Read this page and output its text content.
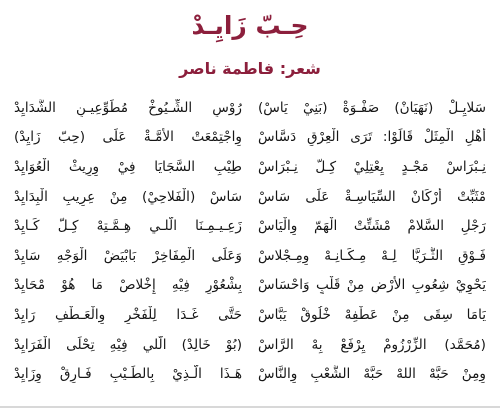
حِـبّ زَايِـدْ
شعر: فاطمة ناصر
سَلايِـلْ (نَهَيَانْ) صَفْـوَةْ (بَنِيْ يَاسْ)
رُوْسِ الشِّـيُوخْ مُطَوِّعِيـنِ الشَّدَايِدْ
أَهْلِ الْمِثَلْ قَالَوْا: تَرَى الْعِرْقِ دَسَّاسْ
وِاجْتِمْعَتْ الأُمَّـةْ عَلَى (حِبّ زَايِدْ)
نِـبْرَاسْ مَجْـدٍ يِعْتِلِيْ كِـلّ نِـبْرَاسْ
طِيْبِ السَّجَايَا فِيْ وِرِيثْ الْعُوَايِدْ
مْثَبِّتْ أَرْكَانْ السِّيَاسِـةْ عَلَى سَاسْ
سَاسْ (الْفَلاحِيْ) مِنْ عِرِيبِ الْبِدَايِدْ
رَجْلِ السَّلامْ مْشَتِّتْ الْهَمّ وِالْيَاسْ
زَعِـيـمِـنَا الَّلـي هِـمَّـتِهْ كِـلّ كَـايِدْ
فَـوْقِ الثُّـرَيَّا لِـهْ مِـكَـانِـهْ وِمِـجْلاسْ
وَعَلَى الْمِفَاخِرْ بَابْيَضْ الْوَجْهِ سَايِدْ
يَحْوِيْ شِعُوبِ الأَرْضِ مِنْ قَلْبٍ وَاحْسَاسْ
بِشْعُوْرٍ فِيْهِ إِخْلاصْ مَا هُوْ مْحَايِدْ
يَامَا سِقَى مِنْ عَطْفِهْ خْلُوقْ يَبَّاسْ
حَتَّى غَـدَا لِلْفَخْرِ وِالْعَـطْفِ رَايِدْ
(مُحَمَّد) الزِّرْزُومْ يِرْفَعْ بِهْ الرَّاسْ
(بُوْ خَالِدْ) الَّلي فِيْهِ تِحْلَى الْفَرَايِدْ
وِمِنْ حَبَّهْ اللهْ حَبَّهْ الشَّعْبِ وِالنَّاسْ
هَـذَا الَّـذِيْ بِالطِّـيْبِ فَـارِقْ وِزَايِدْ
